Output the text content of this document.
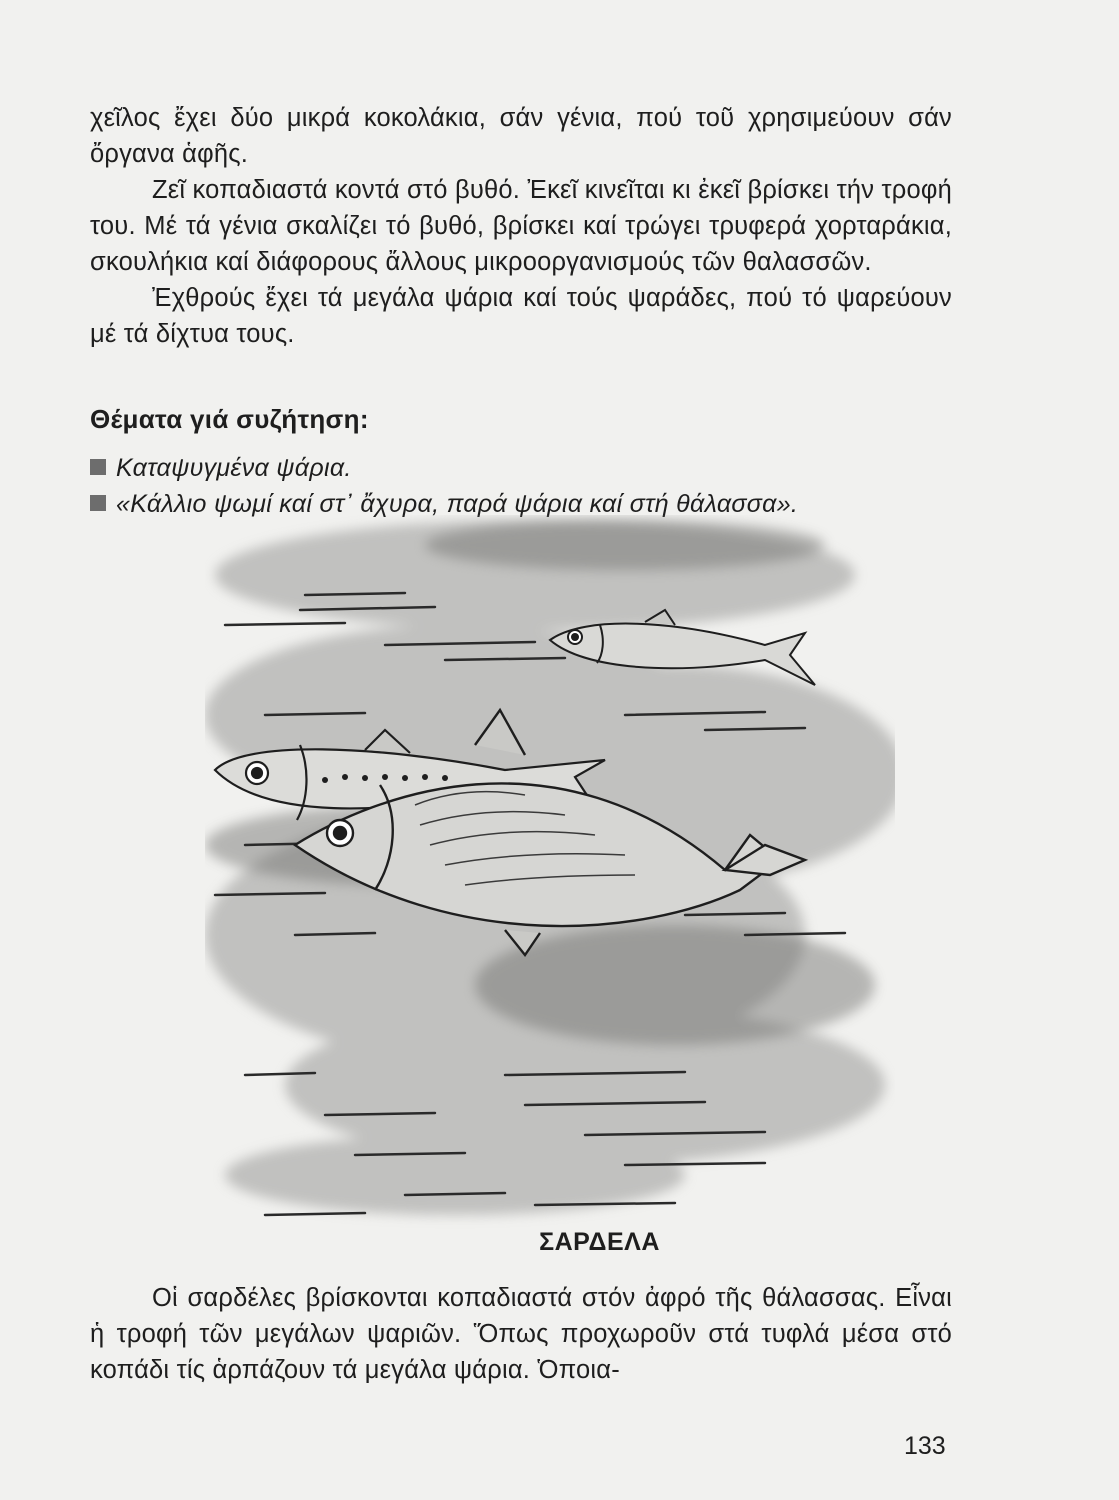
χεῖλος ἔχει δύο μικρά κοκολάκια, σάν γένια, πού τοῦ χρησιμεύουν σάν ὄργανα ἁφῆς.

Ζεῖ κοπαδιαστά κοντά στό βυθό. Ἐκεῖ κινεῖται κι ἐκεῖ βρίσκει τήν τροφή του. Μέ τά γένια σκαλίζει τό βυθό, βρίσκει καί τρώγει τρυφερά χορταράκια, σκουλήκια καί διάφορους ἄλλους μικροοργανισμούς τῶν θαλασσῶν.

Ἐχθρούς ἔχει τά μεγάλα ψάρια καί τούς ψαράδες, πού τό ψαρεύουν μέ τά δίχτυα τους.

Θέματα γιά συζήτηση:
Καταψυγμένα ψάρια.
«Κάλλιο ψωμί καί στ᾽ ἄχυρα, παρά ψάρια καί στή θάλασσα».
ΣΑΡΔΕΛΑ

Οἱ σαρδέλες βρίσκονται κοπαδιαστά στόν ἀφρό τῆς θάλασσας. Εἶναι ἡ τροφή τῶν μεγάλων ψαριῶν. Ὅπως προχωροῦν στά τυφλά μέσα στό κοπάδι τίς ἁρπάζουν τά μεγάλα ψάρια. Ὁποια-

133
